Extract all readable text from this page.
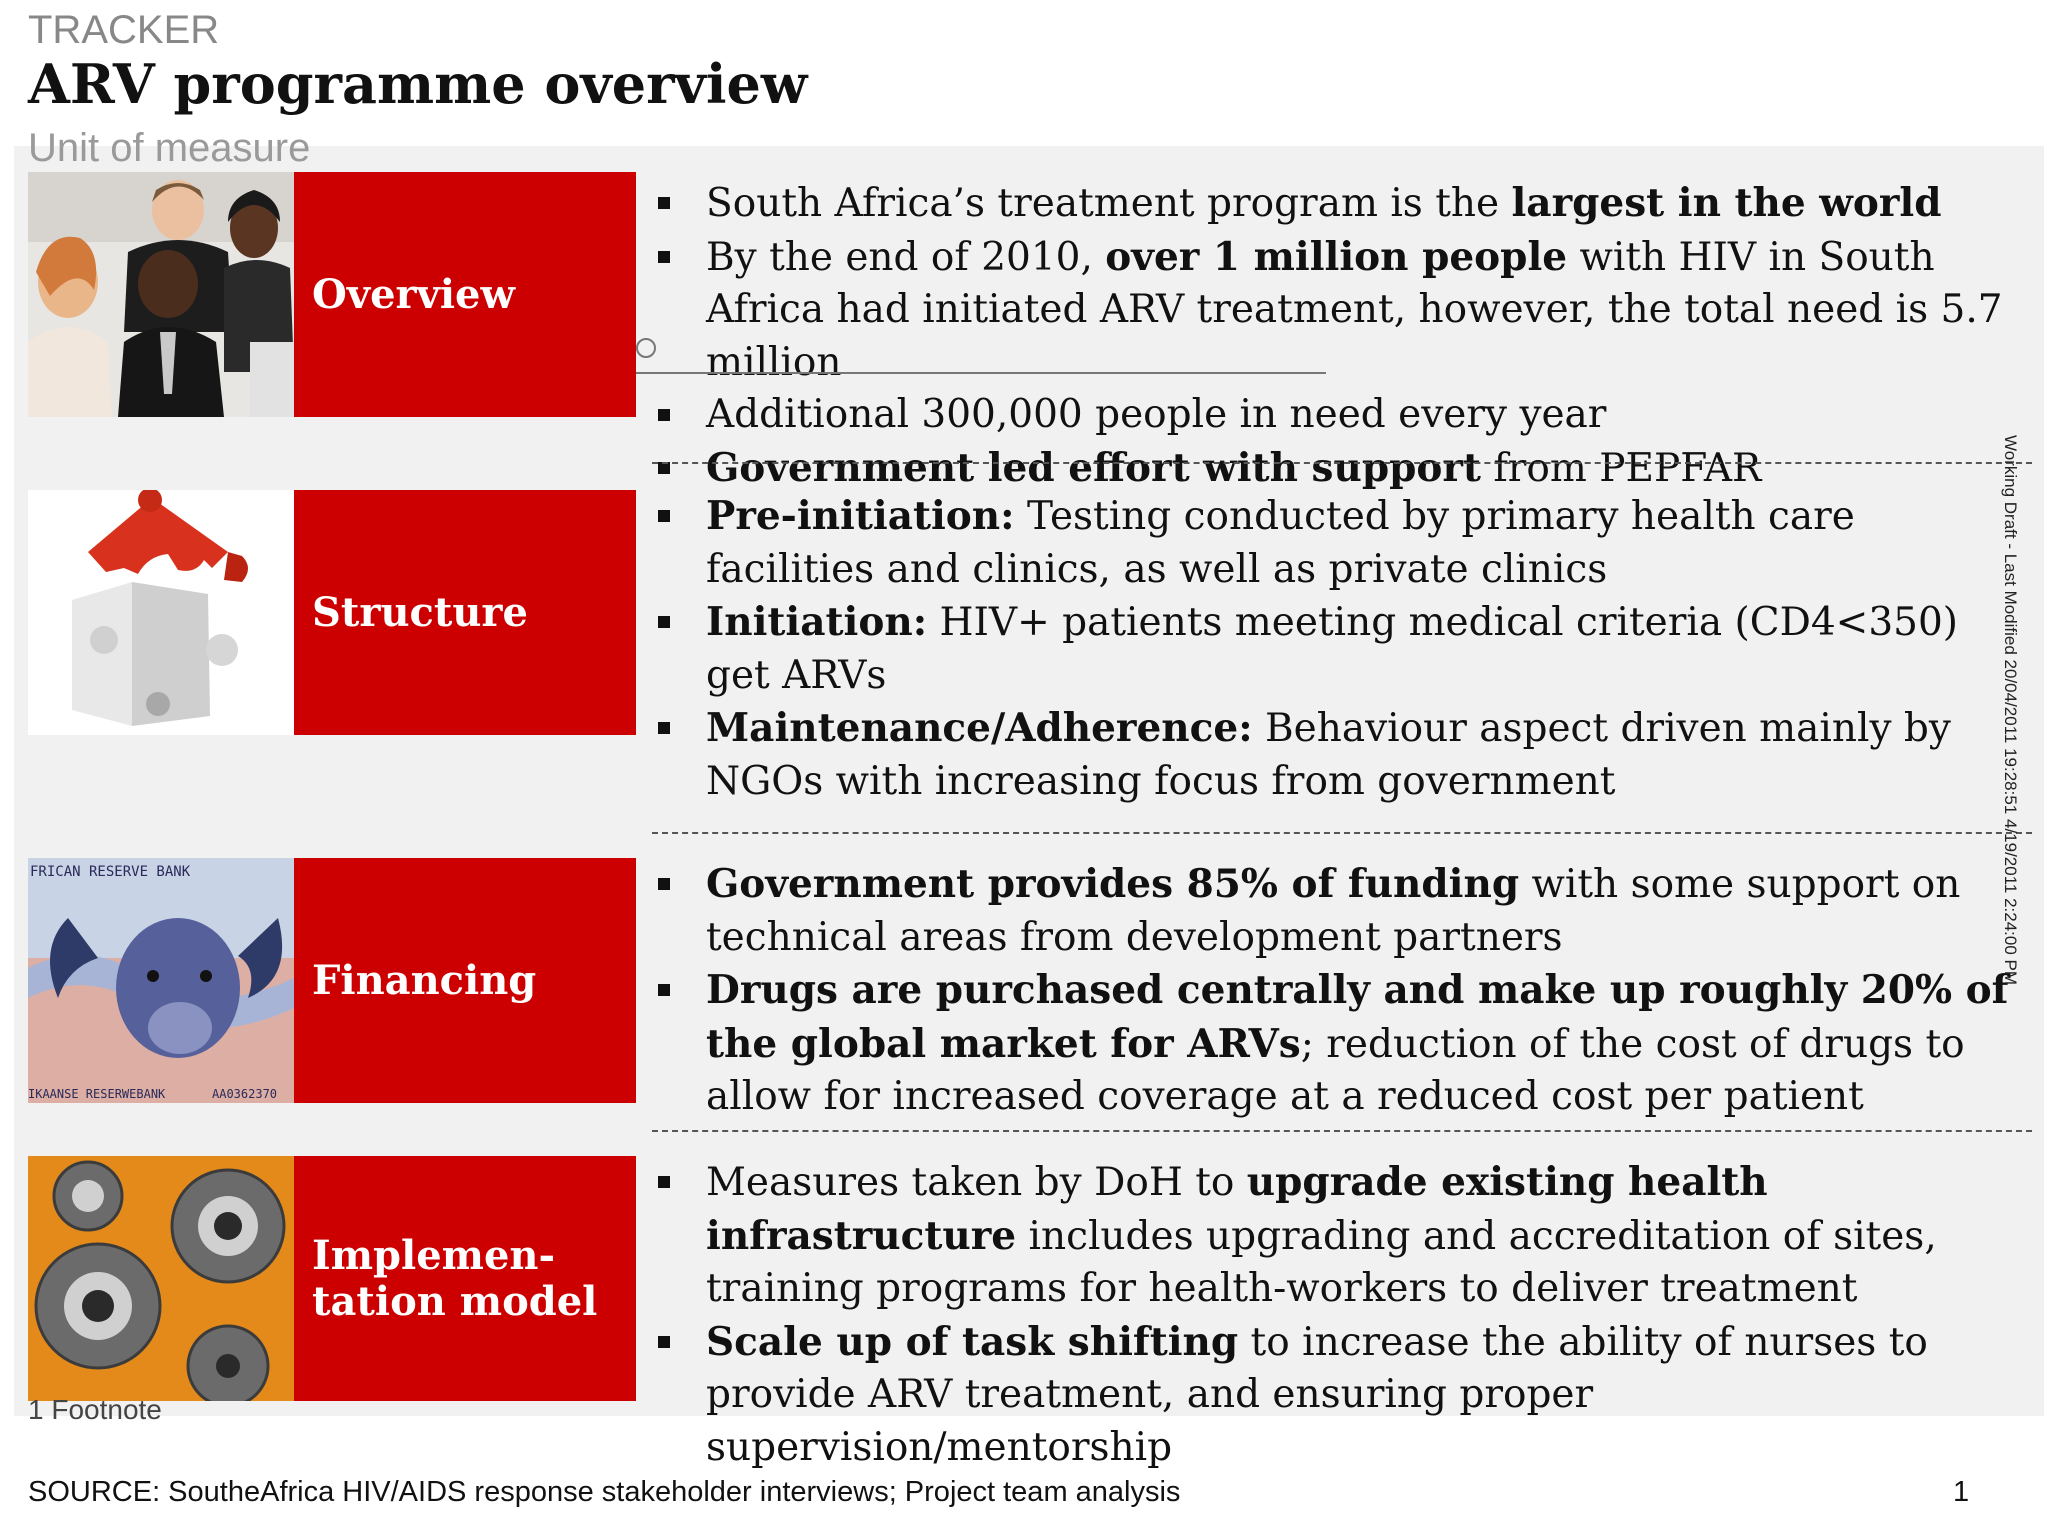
TRACKER
ARV programme overview
Unit of measure
Overview
South Africa’s treatment program is the largest in the world
By the end of 2010, over 1 million people with HIV in South Africa had initiated ARV treatment, however, the total need is 5.7 million
Additional 300,000 people in need every year
Government led effort with support from PEPFAR
Structure
Pre-initiation: Testing conducted by primary health care facilities and clinics, as well as private clinics
Initiation: HIV+ patients meeting medical criteria (CD4<350) get ARVs
Maintenance/Adherence: Behaviour aspect driven mainly by NGOs with increasing focus from government
FRICAN RESERVE BANK
IKAANSE RESERWEBANK	AA0362370
Financing
Government provides 85% of funding with some support on technical areas from development partners
Drugs are purchased centrally and make up roughly 20% of the global market for ARVs; reduction of the cost of drugs to allow for increased coverage at a reduced cost per patient
Implemen-
tation model
Measures taken by DoH to upgrade existing health infrastructure includes upgrading and accreditation of sites, training programs for health-workers to deliver treatment
Scale up of task shifting to increase the ability of nurses to provide ARV treatment, and ensuring proper supervision/mentorship
Working Draft - Last Modified 20/04/2011 19:28:51 4/19/2011 2:24:00 PM
1 Footnote
SOURCE: SoutheAfrica HIV/AIDS response stakeholder interviews; Project team analysis	1
